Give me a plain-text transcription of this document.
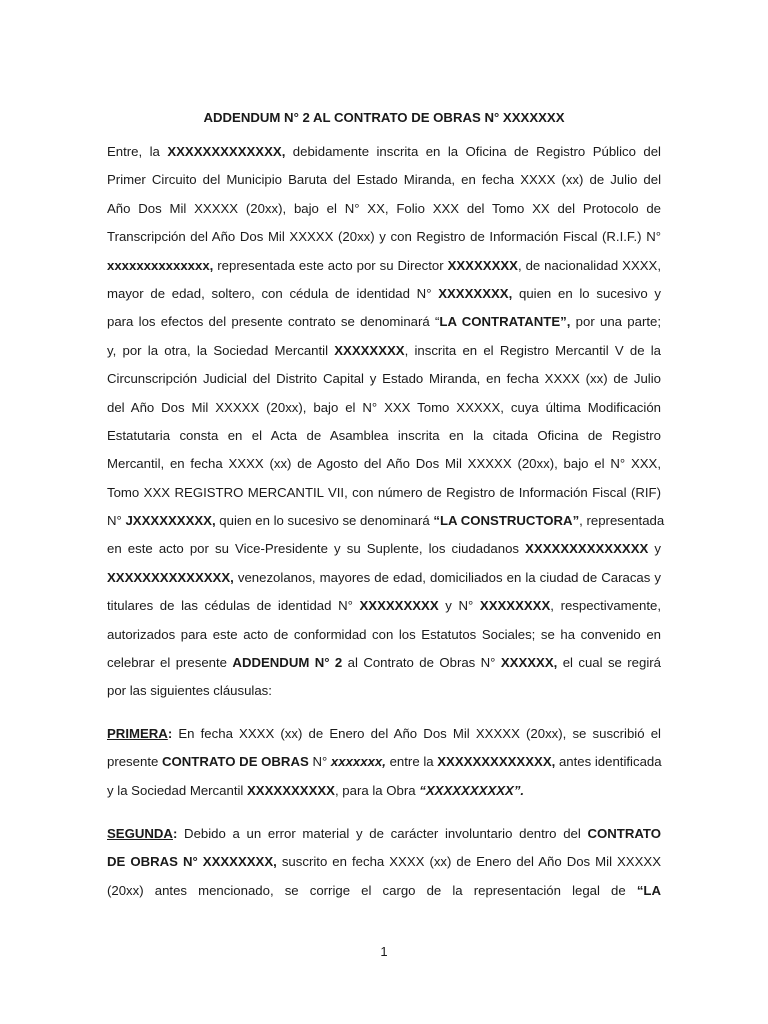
ADDENDUM N° 2 AL CONTRATO DE OBRAS N° XXXXXXX
Entre, la XXXXXXXXXXXXX, debidamente inscrita en la Oficina de Registro Público del
Primer Circuito del Municipio Baruta del Estado Miranda, en fecha XXXX (xx) de Julio del
Año Dos Mil XXXXX (20xx), bajo el N° XX, Folio XXX del Tomo XX del Protocolo de
Transcripción del Año Dos Mil XXXXX (20xx) y con Registro de Información Fiscal (R.I.F.) N°
xxxxxxxxxxxxxx, representada este acto por su Director XXXXXXXX, de nacionalidad XXXX,
mayor de edad, soltero, con cédula de identidad N° XXXXXXXX, quien en lo sucesivo y
para los efectos del presente contrato se denominará “LA CONTRATANTE”, por una parte;
y, por la otra, la Sociedad Mercantil XXXXXXXX, inscrita en el Registro Mercantil V de la
Circunscripción Judicial del Distrito Capital y Estado Miranda, en fecha XXXX (xx) de Julio
del Año Dos Mil XXXXX (20xx), bajo el N° XXX Tomo XXXXX, cuya última Modificación
Estatutaria consta en el Acta de Asamblea inscrita en la citada Oficina de Registro
Mercantil, en fecha XXXX (xx) de Agosto del Año Dos Mil XXXXX (20xx), bajo el N° XXX,
Tomo XXX REGISTRO MERCANTIL VII, con número de Registro de Información Fiscal (RIF)
N° JXXXXXXXXX, quien en lo sucesivo se denominará “LA CONSTRUCTORA”, representada
en este acto por su Vice-Presidente y su Suplente, los ciudadanos XXXXXXXXXXXXXX y
XXXXXXXXXXXXXX, venezolanos, mayores de edad, domiciliados en la ciudad de Caracas y
titulares de las cédulas de identidad N° XXXXXXXXX y N° XXXXXXXX, respectivamente,
autorizados para este acto de conformidad con los Estatutos Sociales; se ha convenido en
celebrar el presente ADDENDUM N° 2 al Contrato de Obras N° XXXXXX, el cual se regirá
por las siguientes cláusulas:
PRIMERA: En fecha XXXX (xx) de Enero del Año Dos Mil XXXXX (20xx), se suscribió el
presente CONTRATO DE OBRAS N° xxxxxxx, entre la XXXXXXXXXXXXX, antes identificada
y la Sociedad Mercantil XXXXXXXXXX, para la Obra “XXXXXXXXXX”.
SEGUNDA: Debido a un error material y de carácter involuntario dentro del CONTRATO
DE OBRAS N° XXXXXXXX, suscrito en fecha XXXX (xx) de Enero del Año Dos Mil XXXXX
(20xx) antes mencionado, se corrige el cargo de la representación legal de “LA
1
